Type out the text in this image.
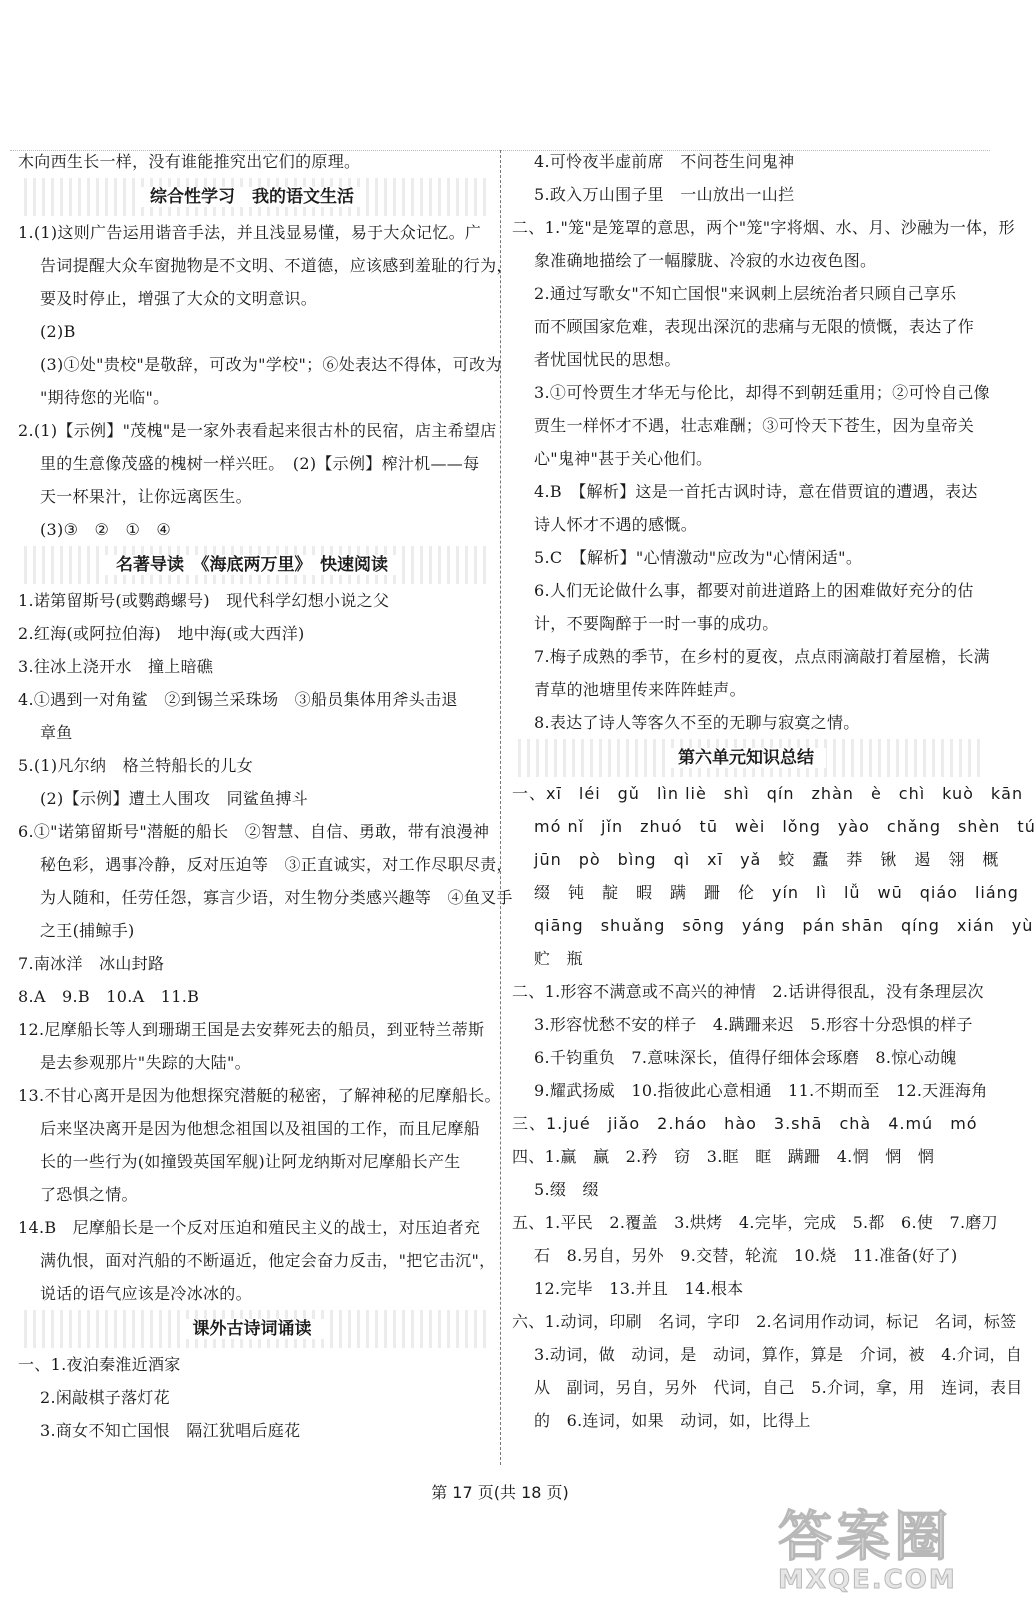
木向西生长一样，没有谁能推究出它们的原理。
综合性学习　我的语文生活
1.(1)这则广告运用谐音手法，并且浅显易懂，易于大众记忆。广
告词提醒大众车窗抛物是不文明、不道德，应该感到羞耻的行为，
要及时停止，增强了大众的文明意识。
(2)B
(3)①处"贵校"是敬辞，可改为"学校"；⑥处表达不得体，可改为
"期待您的光临"。
2.(1)【示例】"茂槐"是一家外表看起来很古朴的民宿，店主希望店
里的生意像茂盛的槐树一样兴旺。　(2)【示例】榨汁机——每
天一杯果汁，让你远离医生。
(3)③　②　①　④
名著导读　《海底两万里》　快速阅读
1.诺第留斯号(或鹦鹉螺号)　现代科学幻想小说之父
2.红海(或阿拉伯海)　地中海(或大西洋)
3.往冰上浇开水　撞上暗礁
4.①遇到一对角鲨　②到锡兰采珠场　③船员集体用斧头击退
章鱼
5.(1)凡尔纳　格兰特船长的儿女
(2)【示例】遭土人围攻　同鲨鱼搏斗
6.①"诺第留斯号"潜艇的船长　②智慧、自信、勇敢，带有浪漫神
秘色彩，遇事冷静，反对压迫等　③正直诚实，对工作尽职尽责，
为人随和，任劳任怨，寡言少语，对生物分类感兴趣等　④鱼叉手
之王(捕鲸手)
7.南冰洋　冰山封路
8.A　9.B　10.A　11.B
12.尼摩船长等人到珊瑚王国是去安葬死去的船员，到亚特兰蒂斯
是去参观那片"失踪的大陆"。
13.不甘心离开是因为他想探究潜艇的秘密，了解神秘的尼摩船长。
后来坚决离开是因为他想念祖国以及祖国的工作，而且尼摩船
长的一些行为(如撞毁英国军舰)让阿龙纳斯对尼摩船长产生
了恐惧之情。
14.B　尼摩船长是一个反对压迫和殖民主义的战士，对压迫者充
满仇恨，面对汽船的不断逼近，他定会奋力反击，"把它击沉"，
说话的语气应该是冷冰冰的。
课外古诗词诵读
一、1.夜泊秦淮近酒家
2.闲敲棋子落灯花
3.商女不知亡国恨　隔江犹唱后庭花
4.可怜夜半虚前席　不问苍生问鬼神
5.政入万山围子里　一山放出一山拦
二、1."笼"是笼罩的意思，两个"笼"字将烟、水、月、沙融为一体，形
象准确地描绘了一幅朦胧、冷寂的水边夜色图。
2.通过写歌女"不知亡国恨"来讽刺上层统治者只顾自己享乐
而不顾国家危难，表现出深沉的悲痛与无限的愤慨，表达了作
者忧国忧民的思想。
3.①可怜贾生才华无与伦比，却得不到朝廷重用；②可怜自己像
贾生一样怀才不遇，壮志难酬；③可怜天下苍生，因为皇帝关
心"鬼神"甚于关心他们。
4.B　【解析】这是一首托古讽时诗，意在借贾谊的遭遇，表达
诗人怀才不遇的感慨。
5.C　【解析】"心情激动"应改为"心情闲适"。
6.人们无论做什么事，都要对前进道路上的困难做好充分的估
计，不要陶醉于一时一事的成功。
7.梅子成熟的季节，在乡村的夏夜，点点雨滴敲打着屋檐，长满
青草的池塘里传来阵阵蛙声。
8.表达了诗人等客久不至的无聊与寂寞之情。
第六单元知识总结
一、xī　léi　gǔ　lìn liè　shì　qín　zhàn　è　chì　kuò　kān
mó nǐ　jǐn　zhuó　tū　wèi　lǒng　yào　chǎng　shèn　tú
jūn　pò　bìng　qì　xī　yǎ　蛟　蠹　莽　锹　遏　翎　概
缀　钝　靛　暇　蹒　跚　伦　yín　lì　lǚ　wū　qiáo　liáng
qiāng　shuǎng　sōng　yáng　pán shān　qíng　xián　yù
贮　瓶
二、1.形容不满意或不高兴的神情　2.话讲得很乱，没有条理层次
3.形容忧愁不安的样子　4.蹒跚来迟　5.形容十分恐惧的样子
6.千钧重负　7.意味深长，值得仔细体会琢磨　8.惊心动魄
9.耀武扬威　10.指彼此心意相通　11.不期而至　12.天涯海角
三、1.jué　jiǎo　2.háo　hào　3.shā　chà　4.mú　mó
四、1.赢　赢　2.矜　窃　3.眶　眶　蹒跚　4.惘　惘　惘
5.缀　缀
五、1.平民　2.覆盖　3.烘烤　4.完毕，完成　5.都　6.使　7.磨刀
石　8.另自，另外　9.交替，轮流　10.烧　11.准备(好了)
12.完毕　13.并且　14.根本
六、1.动词，印刷　名词，字印　2.名词用作动词，标记　名词，标签
3.动词，做　动词，是　动词，算作，算是　介词，被　4.介词，自
从　副词，另自，另外　代词，自己　5.介词，拿，用　连词，表目
的　6.连词，如果　动词，如，比得上
第 17 页(共 18 页)
答案圈
MXQE.COM
